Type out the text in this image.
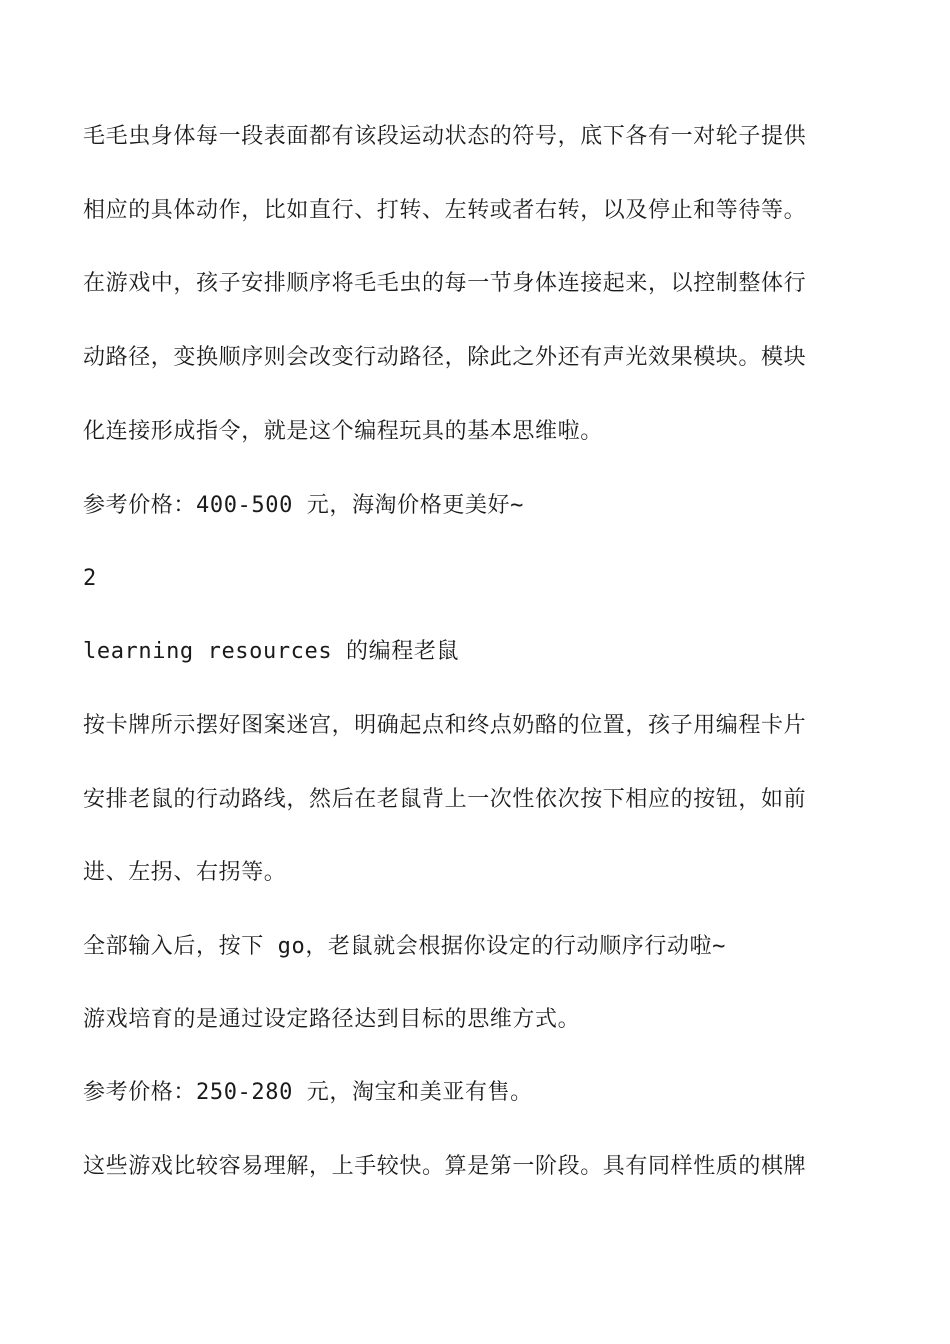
毛毛虫身体每一段表面都有该段运动状态的符号，底下各有一对轮子提供
相应的具体动作，比如直行、打转、左转或者右转，以及停止和等待等。
在游戏中，孩子安排顺序将毛毛虫的每一节身体连接起来，以控制整体行
动路径，变换顺序则会改变行动路径，除此之外还有声光效果模块。模块
化连接形成指令，就是这个编程玩具的基本思维啦。
参考价格：400-500 元，海淘价格更美好~
2
learning resources 的编程老鼠
按卡牌所示摆好图案迷宫，明确起点和终点奶酪的位置，孩子用编程卡片
安排老鼠的行动路线，然后在老鼠背上一次性依次按下相应的按钮，如前
进、左拐、右拐等。
全部输入后，按下 go，老鼠就会根据你设定的行动顺序行动啦~
游戏培育的是通过设定路径达到目标的思维方式。
参考价格：250-280 元，淘宝和美亚有售。
这些游戏比较容易理解，上手较快。算是第一阶段。具有同样性质的棋牌
